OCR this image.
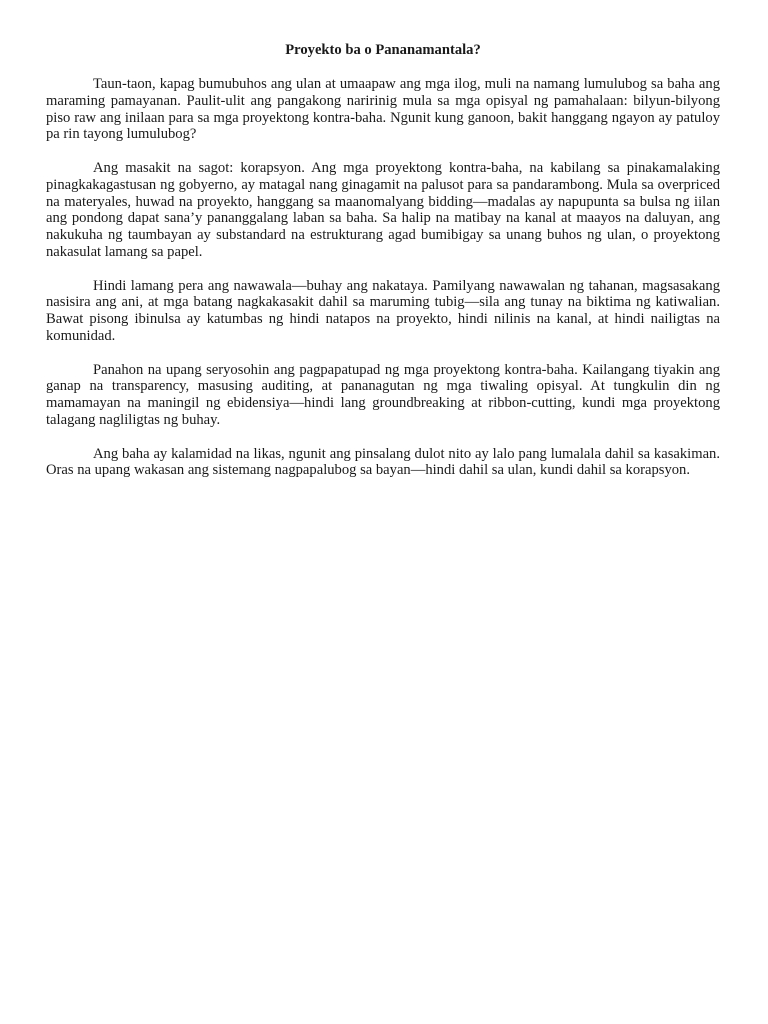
Proyekto ba o Pananamantala?

Taun-taon, kapag bumubuhos ang ulan at umaapaw ang mga ilog, muli na namang lumulubog sa baha ang maraming pamayanan. Paulit-ulit ang pangakong naririnig mula sa mga opisyal ng pamahalaan: bilyun-bilyong piso raw ang inilaan para sa mga proyektong kontra-baha. Ngunit kung ganoon, bakit hanggang ngayon ay patuloy pa rin tayong lumulubog?

Ang masakit na sagot: korapsyon. Ang mga proyektong kontra-baha, na kabilang sa pinakamalaking pinagkakagastusan ng gobyerno, ay matagal nang ginagamit na palusot para sa pandarambong. Mula sa overpriced na materyales, huwad na proyekto, hanggang sa maanomalyang bidding—madalas ay napupunta sa bulsa ng iilan ang pondong dapat sana’y pananggalang laban sa baha. Sa halip na matibay na kanal at maayos na daluyan, ang nakukuha ng taumbayan ay substandard na estrukturang agad bumibigay sa unang buhos ng ulan, o proyektong nakasulat lamang sa papel.

Hindi lamang pera ang nawawala—buhay ang nakataya. Pamilyang nawawalan ng tahanan, magsasakang nasisira ang ani, at mga batang nagkakasakit dahil sa maruming tubig—sila ang tunay na biktima ng katiwalian. Bawat pisong ibinulsa ay katumbas ng hindi natapos na proyekto, hindi nilinis na kanal, at hindi nailigtas na komunidad.

Panahon na upang seryosohin ang pagpapatupad ng mga proyektong kontra-baha. Kailangang tiyakin ang ganap na transparency, masusing auditing, at pananagutan ng mga tiwaling opisyal. At tungkulin din ng mamamayan na maningil ng ebidensiya—hindi lang groundbreaking at ribbon-cutting, kundi mga proyektong talagang nagliligtas ng buhay.

Ang baha ay kalamidad na likas, ngunit ang pinsalang dulot nito ay lalo pang lumalala dahil sa kasakiman. Oras na upang wakasan ang sistemang nagpapalubog sa bayan—hindi dahil sa ulan, kundi dahil sa korapsyon.
